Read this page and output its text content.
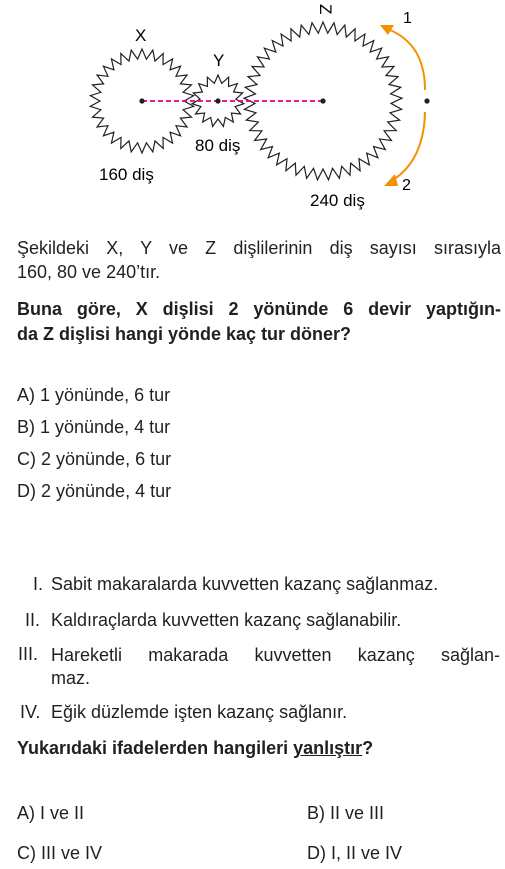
X
Y
Z
160 diş
80 diş
240 diş
1
2
Şekildeki X, Y ve Z dişlilerinin diş sayısı sırasıyla
160, 80 ve 240’tır.
Buna göre, X dişlisi 2 yönünde 6 devir yaptığın-
da Z dişlisi hangi yönde kaç tur döner?
A) 1 yönünde, 6 tur
B) 1 yönünde, 4 tur
C) 2 yönünde, 6 tur
D) 2 yönünde, 4 tur
I. Sabit makaralarda kuvvetten kazanç sağlanmaz.
II. Kaldıraçlarda kuvvetten kazanç sağlanabilir.
III. Hareketli makarada kuvvetten kazanç sağlan-
maz.
IV. Eğik düzlemde işten kazanç sağlanır.
Yukarıdaki ifadelerden hangileri yanlıştır?
A) I ve II	B) II ve III
C) III ve IV	D) I, II ve IV
